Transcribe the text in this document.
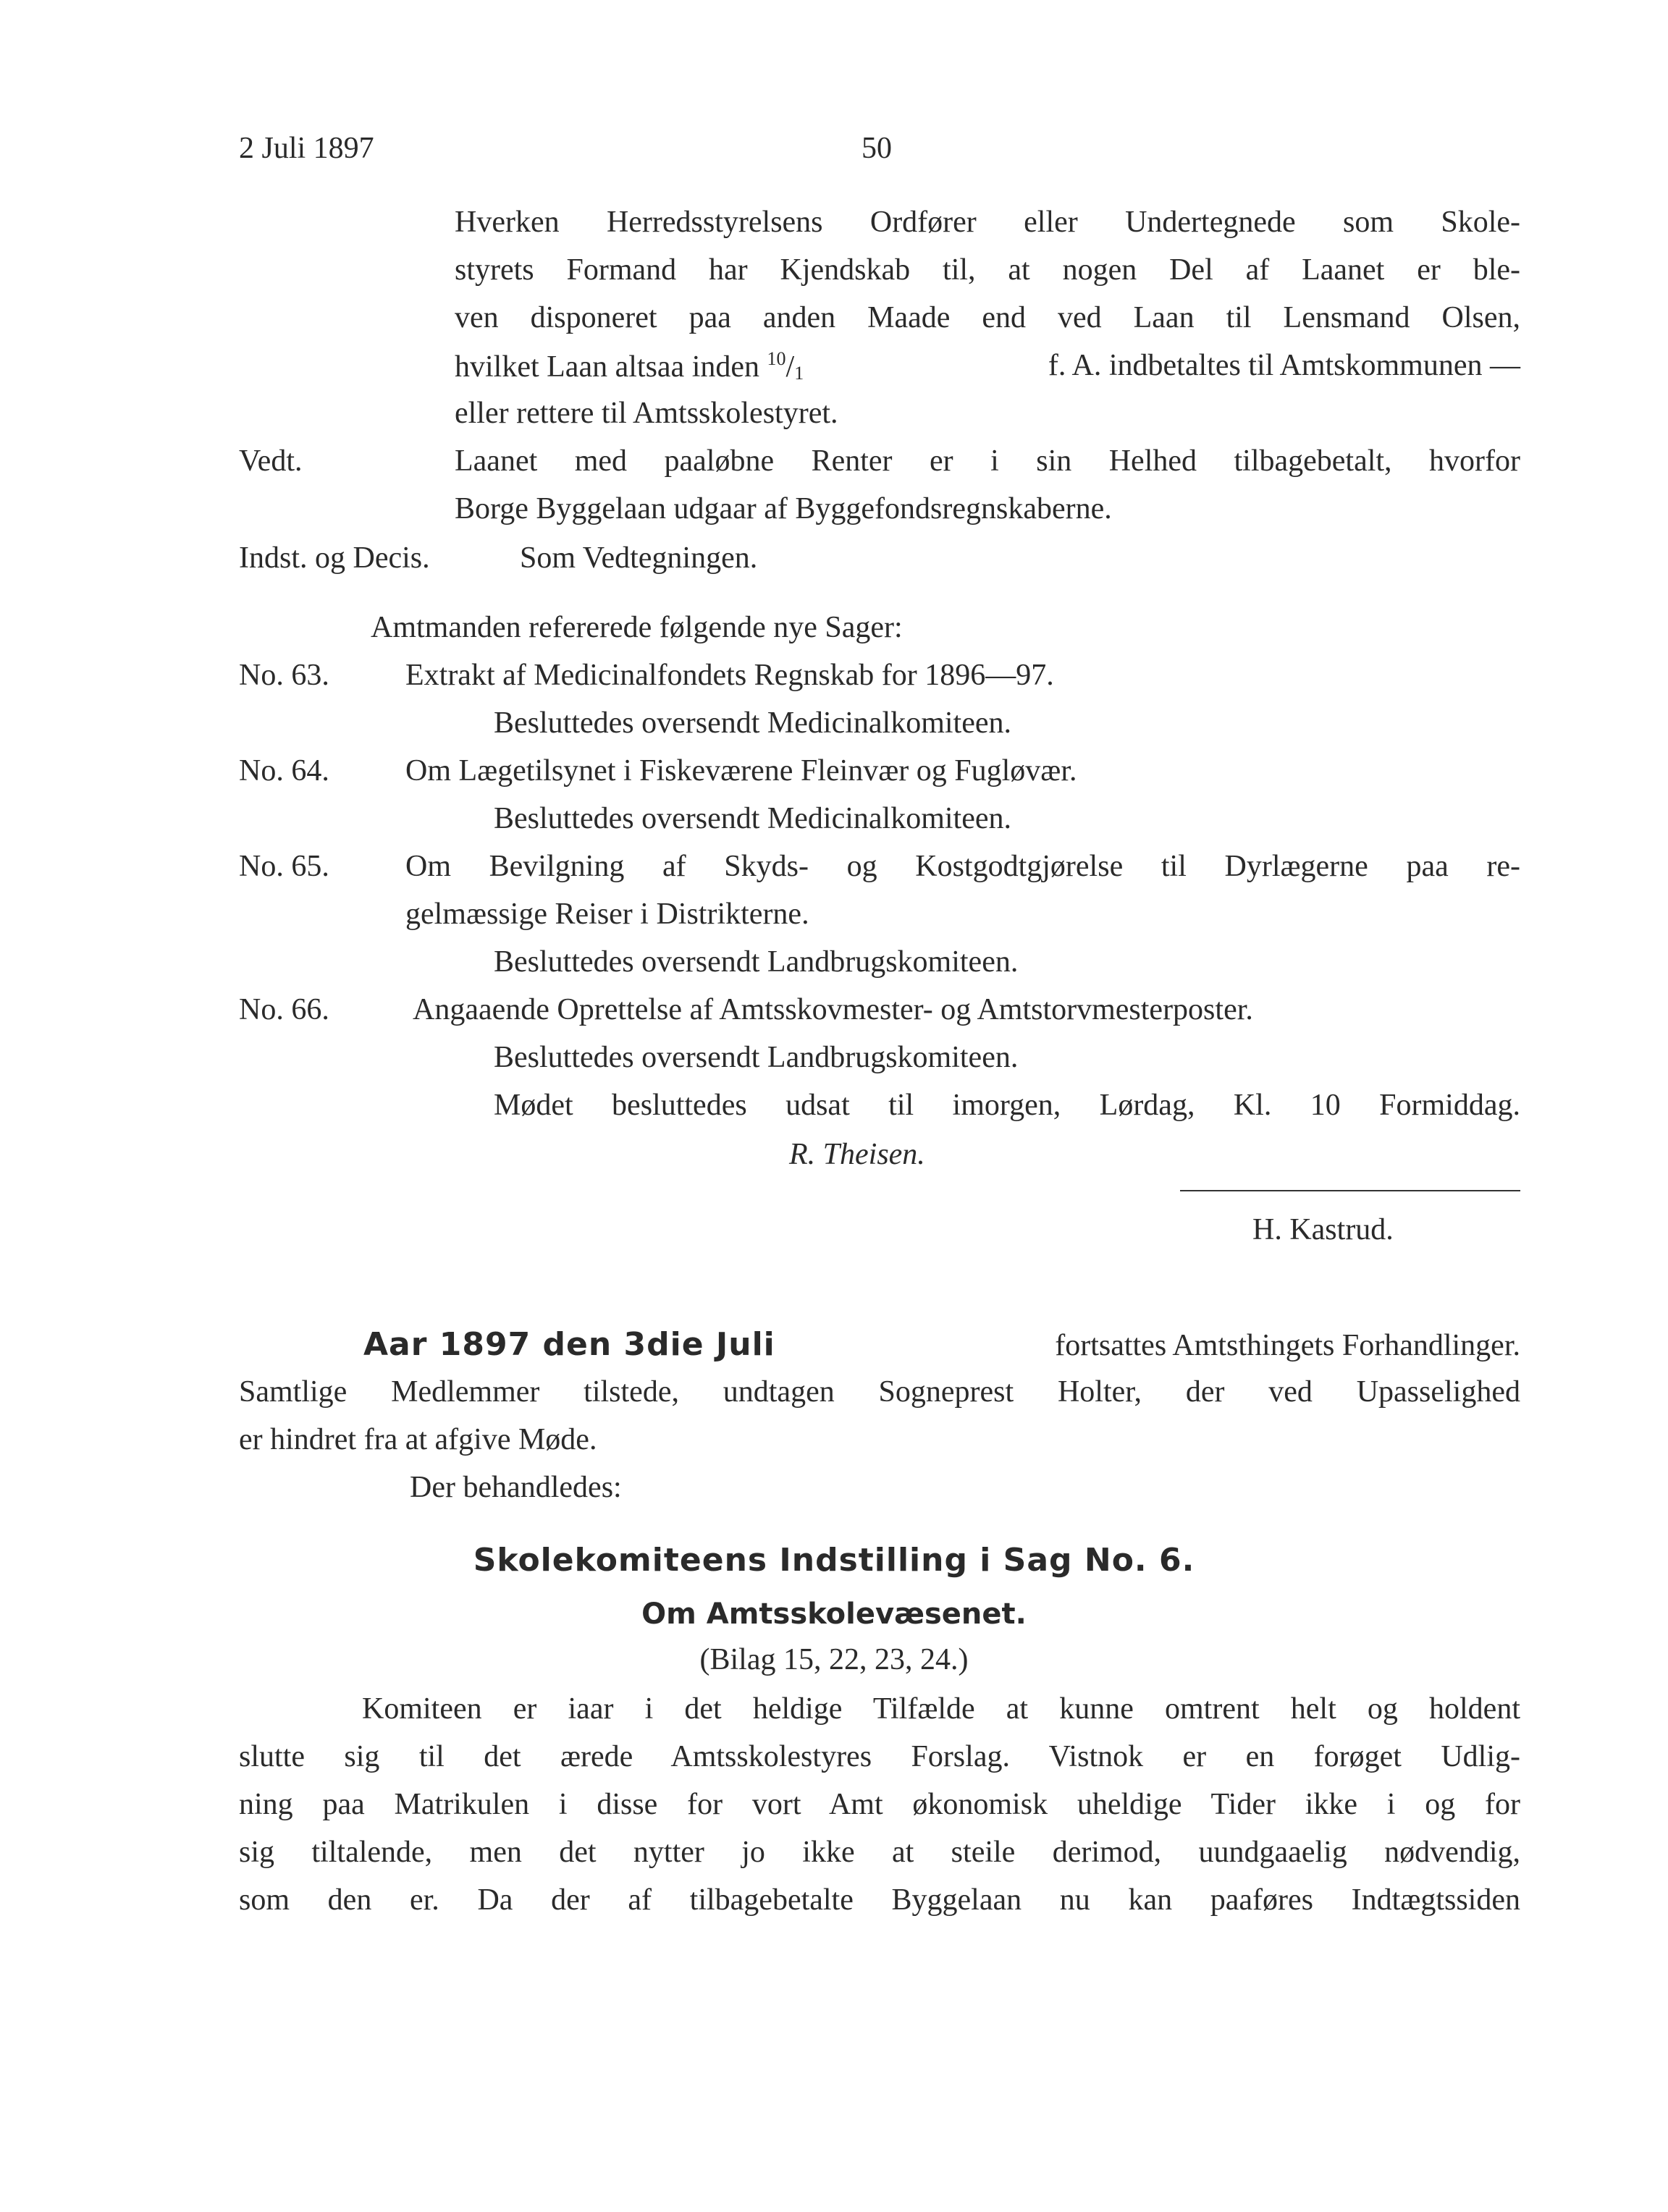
2 Juli 1897	50
Hverken Herredsstyrelsens Ordfører eller Undertegnede som Skole-
styrets Formand har Kjendskab til, at nogen Del af Laanet er ble-
ven disponeret paa anden Maade end ved Laan til Lensmand Olsen,
hvilket Laan altsaa inden $^{10}/_1$	f. A. indbetaltes til Amtskommunen —
eller rettere til Amtsskolestyret.
Vedt.	Laanet med paaløbne Renter er i sin Helhed tilbagebetalt, hvorfor
Borge Byggelaan udgaar af Byggefondsregnskaberne.
Indst. og Decis.	Som Vedtegningen.
Amtmanden refererede følgende nye Sager:
No. 63.	Extrakt af Medicinalfondets Regnskab for 1896—97.
Besluttedes oversendt Medicinalkomiteen.
No. 64.	Om Lægetilsynet i Fiskeværene Fleinvær og Fugløvær.
Besluttedes oversendt Medicinalkomiteen.
No. 65.	Om Bevilgning af Skyds- og Kostgodtgjørelse til Dyrlægerne paa re-
gelmæssige Reiser i Distrikterne.
Besluttedes oversendt Landbrugskomiteen.
No. 66.	Angaaende Oprettelse af Amtsskovmester- og Amtstorvmesterposter.
Besluttedes oversendt Landbrugskomiteen.
Mødet besluttedes udsat til imorgen, Lørdag, Kl. 10 Formiddag.
R. Theisen.
H. Kastrud.
Aar 1897 den 3die Juli	fortsattes Amtsthingets Forhandlinger.
Samtlige Medlemmer tilstede, undtagen Sogneprest Holter, der ved Upasselighed
er hindret fra at afgive Møde.
Der behandledes:
Skolekomiteens Indstilling i Sag No. 6.
Om Amtsskolevæsenet.
(Bilag 15, 22, 23, 24.)
Komiteen er iaar i det heldige Tilfælde at kunne omtrent helt og holdent
slutte sig til det ærede Amtsskolestyres Forslag. Vistnok er en forøget Udlig-
ning paa Matrikulen i disse for vort Amt økonomisk uheldige Tider ikke i og for
sig tiltalende, men det nytter jo ikke at steile derimod, uundgaaelig nødvendig,
som den er. Da der af tilbagebetalte Byggelaan nu kan paaføres Indtægtssiden
